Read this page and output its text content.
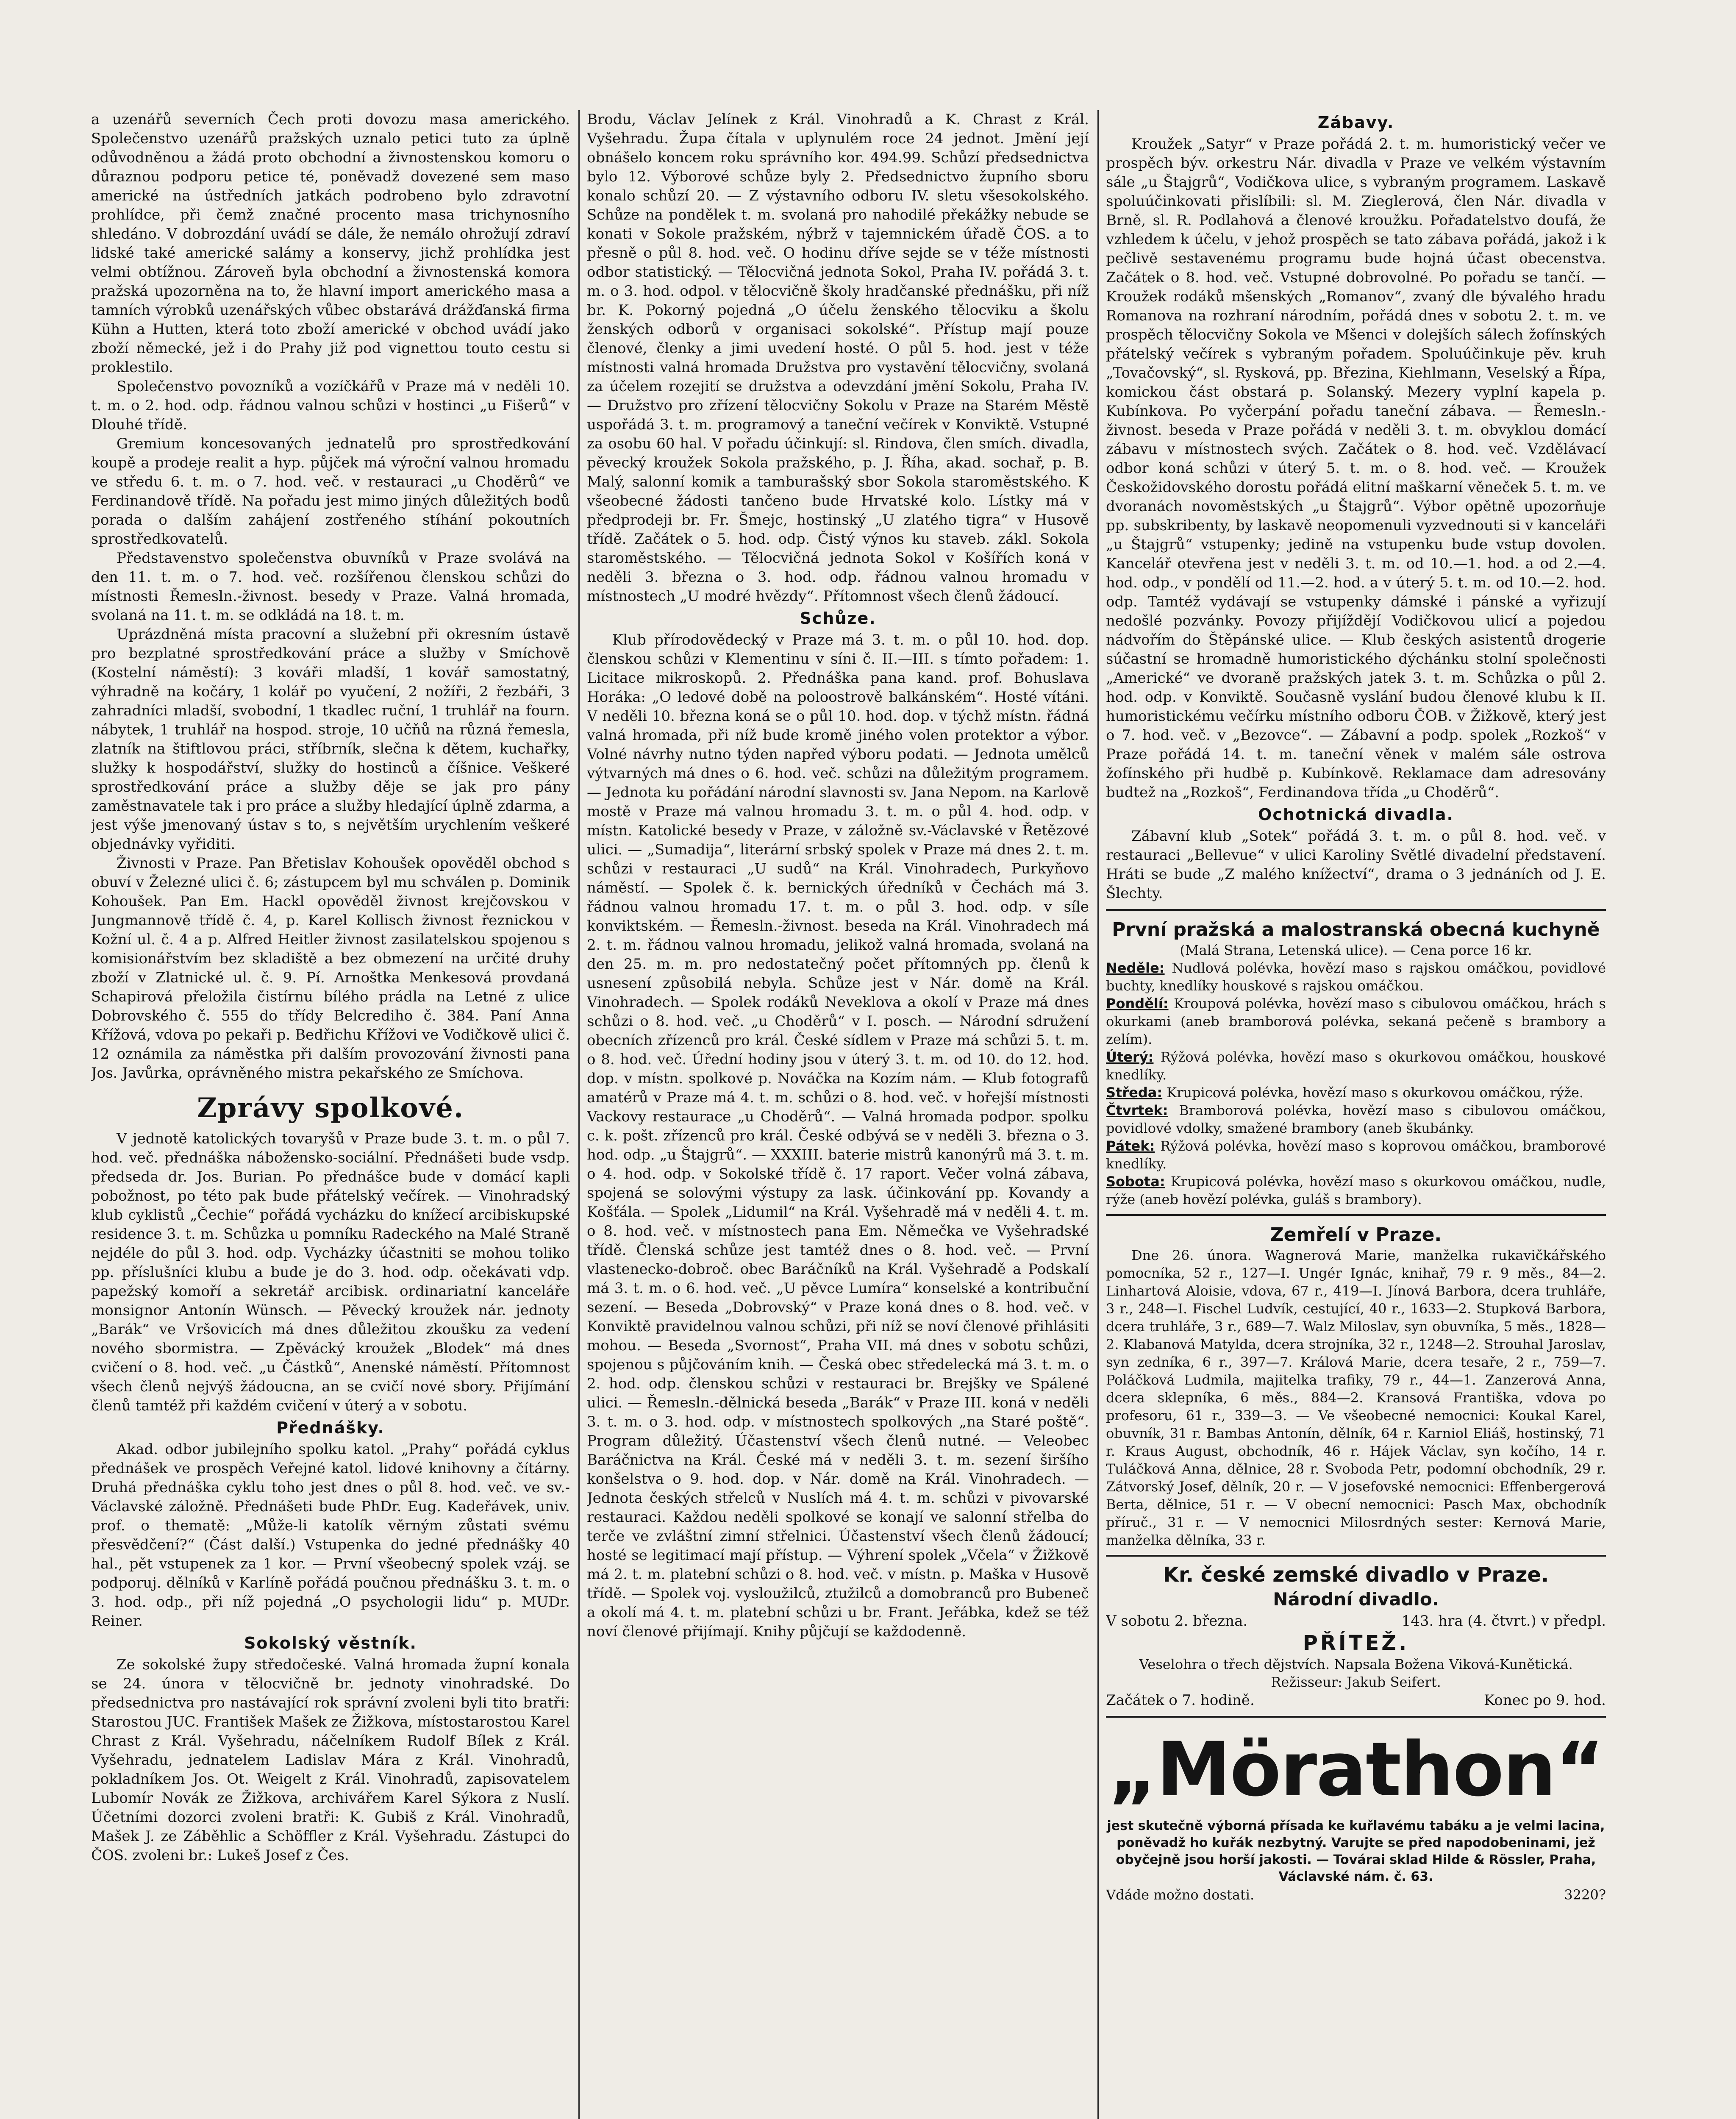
a uzenářů severních Čech proti dovozu masa amerického. Společenstvo uzenářů pražských uznalo petici tuto za úplně odůvodněnou a žádá proto obchodní a živnostenskou komoru o důraznou podporu petice té, poněvadž dovezené sem maso americké na ústředních jatkách podrobeno bylo zdravotní prohlídce, při čemž značné procento masa trichynosního shledáno. V dobrozdání uvádí se dále, že nemálo ohrožují zdraví lidské také americké salámy a konservy, jichž prohlídka jest velmi obtížnou. Zároveň byla obchodní a živnostenská komora pražská upozorněna na to, že hlavní import amerického masa a tamních výrobků uzenářských vůbec obstarává drážďanská firma Kühn a Hutten, která toto zboží americké v obchod uvádí jako zboží německé, jež i do Prahy již pod vignettou touto cestu si proklestilo.

Společenstvo povozníků a vozíčkářů v Praze má v neděli 10. t. m. o 2. hod. odp. řádnou valnou schůzi v hostinci „u Fišerů“ v Dlouhé třídě.

Gremium koncesovaných jednatelů pro sprostředkování koupě a prodeje realit a hyp. půjček má výroční valnou hromadu ve středu 6. t. m. o 7. hod. več. v restauraci „u Choděrů“ ve Ferdinandově třídě. Na pořadu jest mimo jiných důležitých bodů porada o dalším zahájení zostřeného stíhání pokoutních sprostředkovatelů.

Představenstvo společenstva obuvníků v Praze svolává na den 11. t. m. o 7. hod. več. rozšířenou členskou schůzi do místnosti Řemesln.-živnost. besedy v Praze. Valná hromada, svolaná na 11. t. m. se odkládá na 18. t. m.

Uprázdněná místa pracovní a služební při okresním ústavě pro bezplatné sprostředkování práce a služby v Smíchově (Kostelní náměstí): 3 kováři mladší, 1 kovář samostatný, výhradně na kočáry, 1 kolář po vyučení, 2 nožíři, 2 řezbáři, 3 zahradníci mladší, svobodní, 1 tkadlec ruční, 1 truhlář na fourn. nábytek, 1 truhlář na hospod. stroje, 10 učňů na různá řemesla, zlatník na štiftlovou práci, stříbrník, slečna k dětem, kuchařky, služky k hospodářství, služky do hostinců a číšnice. Veškeré sprostředkování práce a služby děje se jak pro pány zaměstnavatele tak i pro práce a služby hledající úplně zdarma, a jest výše jmenovaný ústav s to, s největším urychlením veškeré objednávky vyřiditi.

Živnosti v Praze. Pan Břetislav Kohoušek opověděl obchod s obuví v Železné ulici č. 6; zástupcem byl mu schválen p. Dominik Kohoušek. Pan Em. Hackl opověděl živnost krejčovskou v Jungmannově třídě č. 4, p. Karel Kollisch živnost řeznickou v Kožní ul. č. 4 a p. Alfred Heitler živnost zasilatelskou spojenou s komisionářstvím bez skladiště a bez obmezení na určité druhy zboží v Zlatnické ul. č. 9. Pí. Arnoštka Menkesová provdaná Schapirová přeložila čistírnu bílého prádla na Letné z ulice Dobrovského č. 555 do třídy Belcrediho č. 384. Paní Anna Křížová, vdova po pekaři p. Bedřichu Křížovi ve Vodičkově ulici č. 12 oznámila za náměstka při dalším provozování živnosti pana Jos. Javůrka, oprávněného mistra pekařského ze Smíchova.

Zprávy spolkové.

V jednotě katolických tovaryšů v Praze bude 3. t. m. o půl 7. hod. več. přednáška náboženskо-sociální. Přednášeti bude vsdp. předseda dr. Jos. Burian. Po přednášce bude v domácí kapli pobožnost, po této pak bude přátelský večírek. — Vinohradský klub cyklistů „Čechie“ pořádá vycházku do knížecí arcibiskupské residence 3. t. m. Schůzka u pomníku Radeckého na Malé Straně nejdéle do půl 3. hod. odp. Vycházky účastniti se mohou toliko pp. příslušníci klubu a bude je do 3. hod. odp. očekávati vdp. papežský komoří a sekretář arcibisk. ordinariatní kanceláře monsignor Antonín Wünsch. — Pěvecký kroužek nár. jednoty „Barák“ ve Vršovicích má dnes důležitou zkoušku za vedení nového sbormistra. — Zpěvácký kroužek „Blodek“ má dnes cvičení o 8. hod. več. „u Částků“, Anenské náměstí. Přítomnost všech členů nejvýš žádoucna, an se cvičí nové sbory. Přijímání členů tamtéž při každém cvičení v úterý a v sobotu.

Přednášky.

Akad. odbor jubilejního spolku katol. „Prahy“ pořádá cyklus přednášek ve prospěch Veřejné katol. lidové knihovny a čítárny. Druhá přednáška cyklu toho jest dnes o půl 8. hod. več. ve sv.-Václavské záložně. Přednášeti bude PhDr. Eug. Kadeřávek, univ. prof. o thematě: „Může-li katolík věrným zůstati svému přesvědčení?“ (Část další.) Vstupenka do jedné přednášky 40 hal., pět vstupenek za 1 kor. — První všeobecný spolek vzáj. se podporuj. dělníků v Karlíně pořádá poučnou přednášku 3. t. m. o 3. hod. odp., při níž pojedná „O psychologii lidu“ p. MUDr. Reiner.

Sokolský věstník.

Ze sokolské župy středočeské. Valná hromada župní konala se 24. února v tělocvičně br. jednoty vinohradské. Do předsednictva pro nastávající rok správní zvoleni byli tito bratři: Starostou JUC. František Mašek ze Žižkova, místostarostou Karel Chrast z Král. Vyšehradu, náčelníkem Rudolf Bílek z Král. Vyšehradu, jednatelem Ladislav Mára z Král. Vinohradů, pokladníkem Jos. Ot. Weigelt z Král. Vinohradů, zapisovatelem Lubomír Novák ze Žižkova, archivářem Karel Sýkora z Nuslí. Účetními dozorci zvoleni bratři: K. Gubiš z Král. Vinohradů, Mašek J. ze Záběhlic a Schöffler z Král. Vyšehradu. Zástupci do ČOS. zvoleni br.: Lukeš Josef z Čes.

Brodu, Václav Jelínek z Král. Vinohradů a K. Chrast z Král. Vyšehradu. Župa čítala v uplynulém roce 24 jednot. Jmění její obnášelo koncem roku správního kor. 494.99. Schůzí předsednictva bylo 12. Výborové schůze byly 2. Předsednictvo župního sboru konalo schůzí 20. — Z výstavního odboru IV. sletu všesokolského. Schůze na pondělek t. m. svolaná pro nahodilé překážky nebude se konati v Sokole pražském, nýbrž v tajemnickém úřadě ČOS. a to přesně o půl 8. hod. več. O hodinu dříve sejde se v téže místnosti odbor statistický. — Tělocvičná jednota Sokol, Praha IV. pořádá 3. t. m. o 3. hod. odpol. v tělocvičně školy hradčanské přednášku, při níž br. K. Pokorný pojedná „O účelu ženského tělocviku a školu ženských odborů v organisaci sokolské“. Přístup mají pouze členové, členky a jimi uvedení hosté. O půl 5. hod. jest v téže místnosti valná hromada Družstva pro vystavění tělocvičny, svolaná za účelem rozejití se družstva a odevzdání jmění Sokolu, Praha IV. — Družstvo pro zřízení tělocvičny Sokolu v Praze na Starém Městě uspořádá 3. t. m. programový a taneční večírek v Konviktě. Vstupné za osobu 60 hal. V pořadu účinkují: sl. Rindova, člen smích. divadla, pěvecký kroužek Sokola pražského, p. J. Říha, akad. sochař, p. B. Malý, salonní komik a tamburašský sbor Sokola staroměstského. K všeobecné žádosti tančeno bude Hrvatské kolo. Lístky má v předprodeji br. Fr. Šmejc, hostinský „U zlatého tigra“ v Husově třídě. Začátek o 5. hod. odp. Čistý výnos ku staveb. zákl. Sokola staroměstského. — Tělocvičná jednota Sokol v Košířích koná v neděli 3. března o 3. hod. odp. řádnou valnou hromadu v místnostech „U modré hvězdy“. Přítomnost všech členů žádoucí.

Schůze.

Klub přírodovědecký v Praze má 3. t. m. o půl 10. hod. dop. členskou schůzi v Klementinu v síni č. II.—III. s tímto pořadem: 1. Licitace mikroskopů. 2. Přednáška pana kand. prof. Bohuslava Horáka: „O ledové době na poloostrově balkánském“. Hosté vítáni. V neděli 10. března koná se o půl 10. hod. dop. v týchž místn. řádná valná hromada, při níž bude kromě jiného volen protektor a výbor. Volné návrhy nutno týden napřed výboru podati. — Jednota umělců výtvarných má dnes o 6. hod. več. schůzi na důležitým programem. — Jednota ku pořádání národní slavnosti sv. Jana Nepom. na Karlově mostě v Praze má valnou hromadu 3. t. m. o půl 4. hod. odp. v místn. Katolické besedy v Praze, v záložně sv.-Václavské v Řetězové ulici. — „Sumadija“, literární srbský spolek v Praze má dnes 2. t. m. schůzi v restauraci „U sudů“ na Král. Vinohradech, Purkyňovo náměstí. — Spolek č. k. bernických úředníků v Čechách má 3. řádnou valnou hromadu 17. t. m. o půl 3. hod. odp. v síle konviktském. — Řemesln.-živnost. beseda na Král. Vinohradech má 2. t. m. řádnou valnou hromadu, jelikož valná hromada, svolaná na den 25. m. m. pro nedostatečný počet přítomných pp. členů k usnesení způsobilá nebyla. Schůze jest v Nár. domě na Král. Vinohradech. — Spolek rodáků Neveklova a okolí v Praze má dnes schůzi o 8. hod. več. „u Choděrů“ v I. posch. — Národní sdružení obecních zřízenců pro král. České sídlem v Praze má schůzi 5. t. m. o 8. hod. več. Úřední hodiny jsou v úterý 3. t. m. od 10. do 12. hod. dop. v místn. spolkové p. Nováčka na Kozím nám. — Klub fotografů amatérů v Praze má 4. t. m. schůzi o 8. hod. več. v hořejší místnosti Vackovy restaurace „u Choděrů“. — Valná hromada podpor. spolku c. k. pošt. zřízenců pro král. České odbývá se v neděli 3. března o 3. hod. odp. „u Štajgrů“. — XXXIII. baterie mistrů kanonýrů má 3. t. m. o 4. hod. odp. v Sokolské třídě č. 17 raport. Večer volná zábava, spojená se solovými výstupy za lask. účinkování pp. Kovandy a Košťála. — Spolek „Lidumil“ na Král. Vyšehradě má v neděli 4. t. m. o 8. hod. več. v místnostech pana Em. Němečka ve Vyšehradské třídě. Členská schůze jest tamtéž dnes o 8. hod. več. — První vlastenecko-dobroč. obec Baráčníků na Král. Vyšehradě a Podskalí má 3. t. m. o 6. hod. več. „U pěvce Lumíra“ konselské a kontribuční sezení. — Beseda „Dobrovský“ v Praze koná dnes o 8. hod. več. v Konviktě pravidelnou valnou schůzi, při níž se noví členové přihlásiti mohou. — Beseda „Svornost“, Praha VII. má dnes v sobotu schůzi, spojenou s půjčováním knih. — Česká obec středelecká má 3. t. m. o 2. hod. odp. členskou schůzi v restauraci br. Brejšky ve Spálené ulici. — Řemesln.-dělnická beseda „Barák“ v Praze III. koná v neděli 3. t. m. o 3. hod. odp. v místnostech spolkových „na Staré poště“. Program důležitý. Účastenství všech členů nutné. — Veleobec Baráčnictva na Král. České má v neděli 3. t. m. sezení širšího konšelstva o 9. hod. dop. v Nár. domě na Král. Vinohradech. — Jednota českých střelců v Nuslích má 4. t. m. schůzi v pivovarské restauraci. Každou neděli spolkové se konají ve salonní střelba do terče ve zvláštní zimní střelnici. Účastenství všech členů žádoucí; hosté se legitimací mají přístup. — Výhrení spolek „Včela“ v Žižkově má 2. t. m. platební schůzi o 8. hod. več. v místn. p. Maška v Husově třídě. — Spolek voj. vysloužilců, ztužilců a domobranců pro Bubeneč a okolí má 4. t. m. platební schůzi u br. Frant. Jeřábka, kdež se též noví členové přijímají. Knihy půjčují se každodenně.

Zábavy.

Kroužek „Satyr“ v Praze pořádá 2. t. m. humoristický večer ve prospěch býv. orkestru Nár. divadla v Praze ve velkém výstavním sále „u Štajgrů“, Vodičkova ulice, s vybraným programem. Laskavě spoluúčinkovati přislíbili: sl. M. Zieglerová, člen Nár. divadla v Brně, sl. R. Podlahová a členové kroužku. Pořadatelstvo doufá, že vzhledem k účelu, v jehož prospěch se tato zábava pořádá, jakož i k pečlivě sestavenému programu bude hojná účast obecenstva. Začátek o 8. hod. več. Vstupné dobrovolné. Po pořadu se tančí. — Kroužek rodáků mšenských „Romanov“, zvaný dle bývalého hradu Romanova na rozhraní národním, pořádá dnes v sobotu 2. t. m. ve prospěch tělocvičny Sokola ve Mšenci v dolejších sálech žofínských přátelský večírek s vybraným pořadem. Spoluúčinkuje pěv. kruh „Tovačovský“, sl. Rysková, pp. Březina, Kiehlmann, Veselský a Řípa, komickou část obstará p. Solanský. Mezery vyplní kapela p. Kubínkova. Po vyčerpání pořadu taneční zábava. — Řemesln.-živnost. beseda v Praze pořádá v neděli 3. t. m. obvyklou domácí zábavu v místnostech svých. Začátek o 8. hod. več. Vzdělávací odbor koná schůzi v úterý 5. t. m. o 8. hod. več. — Kroužek Českožidovského dorostu pořádá elitní maškarní věneček 5. t. m. ve dvoranách novoměstských „u Štajgrů“. Výbor opětně upozorňuje pp. subskribenty, by laskavě neopomenuli vyzvednouti si v kanceláři „u Štajgrů“ vstupenky; jedině na vstupenku bude vstup dovolen. Kancelář otevřena jest v neděli 3. t. m. od 10.—1. hod. a od 2.—4. hod. odp., v pondělí od 11.—2. hod. a v úterý 5. t. m. od 10.—2. hod. odp. Tamtéž vydávají se vstupenky dámské i pánské a vyřizují nedošlé pozvánky. Povozy přijíždějí Vodičkovou ulicí a pojedou nádvořím do Štěpánské ulice. — Klub českých asistentů drogerie súčastní se hromadně humoristického dýchánku stolní společnosti „Americké“ ve dvoraně pražských jatek 3. t. m. Schůzka o půl 2. hod. odp. v Konviktě. Současně vyslání budou členové klubu k II. humoristickému večírku místního odboru ČOB. v Žižkově, který jest o 7. hod. več. v „Bezovce“. — Zábavní a podp. spolek „Rozkoš“ v Praze pořádá 14. t. m. taneční věnek v malém sále ostrova žofínského při hudbě p. Kubínkově. Reklamace dam adresovány budtež na „Rozkoš“, Ferdinandova třída „u Choděrů“.

Ochotnická divadla.

Zábavní klub „Sotek“ pořádá 3. t. m. o půl 8. hod. več. v restauraci „Bellevue“ v ulici Karoliny Světlé divadelní představení. Hráti se bude „Z malého knížectví“, drama o 3 jednáních od J. E. Šlechty.

První pražská a malostranská obecná kuchyně
(Malá Strana, Letenská ulice). — Cena porce 16 kr.

Neděle: Nudlová polévka, hovězí maso s rajskou omáčkou, povidlové buchty, knedlíky houskové s rajskou omáčkou.

Pondělí: Kroupová polévka, hovězí maso s cibulovou omáčkou, hrách s okurkami (aneb bramborová polévka, sekaná pečeně s brambory a zelím).

Úterý: Rýžová polévka, hovězí maso s okurkovou omáčkou, houskové knedlíky.

Středa: Krupicová polévka, hovězí maso s okurkovou omáčkou, rýže.

Čtvrtek: Bramborová polévka, hovězí maso s cibulovou omáčkou, povidlové vdolky, smažené brambory (aneb škubánky.

Pátek: Rýžová polévka, hovězí maso s koprovou omáčkou, bramborové knedlíky.

Sobota: Krupicová polévka, hovězí maso s okurkovou omáčkou, nudle, rýže (aneb hovězí polévka, guláš s brambory).

Zemřelí v Praze.

Dne 26. února. Wagnerová Marie, manželka rukavičkářského pomocníka, 52 r., 127—I. Ungér Ignác, knihař, 79 r. 9 měs., 84—2. Linhartová Aloisie, vdova, 67 r., 419—I. Jínová Barbora, dcera truhláře, 3 r., 248—I. Fischel Ludvík, cestující, 40 r., 1633—2. Stupková Barbora, dcera truhláře, 3 r., 689—7. Walz Miloslav, syn obuvníka, 5 měs., 1828—2. Klabanová Matylda, dcera strojníka, 32 r., 1248—2. Strouhal Jaroslav, syn zedníka, 6 r., 397—7. Králová Marie, dcera tesaře, 2 r., 759—7. Poláčková Ludmila, majitelka trafiky, 79 r., 44—1. Zanzerová Anna, dcera sklepníka, 6 měs., 884—2. Kransová Františka, vdova po profesoru, 61 r., 339—3. — Ve všeobecné nemocnici: Koukal Karel, obuvník, 31 r. Bambas Antonín, dělník, 64 r. Karniol Eliáš, hostinský, 71 r. Kraus August, obchodník, 46 r. Hájek Václav, syn kočího, 14 r. Tuláčková Anna, dělnice, 28 r. Svoboda Petr, podomní obchodník, 29 r. Zátvorský Josef, dělník, 20 r. — V josefovské nemocnici: Effenbergerová Berta, dělnice, 51 r. — V obecní nemocnici: Pasch Max, obchodník příruč., 31 r. — V nemocnici Milosrdných sester: Kernová Marie, manželka dělníka, 33 r.

Kr. české zemské divadlo v Praze.
Národní divadlo.
V sobotu 2. března.	143. hra (4. čtvrt.) v předpl.
PŘÍTEŽ.
Veselohra o třech dějstvích. Napsala Božena Viková-Kunětická. Režisseur: Jakub Seifert.
Začátek o 7. hodině.	Konec po 9. hod.
„Mörathon“
jest skutečně výborná přísada ke kuřlavému tabáku a je velmi lacina, poněvadž ho kuřák nezbytný. Varujte se před napodobeninami, jež obyčejně jsou horší jakosti. — Továrai sklad Hilde & Rössler, Praha, Václavské nám. č. 63.
Vdáde možno dostati.	3220?
